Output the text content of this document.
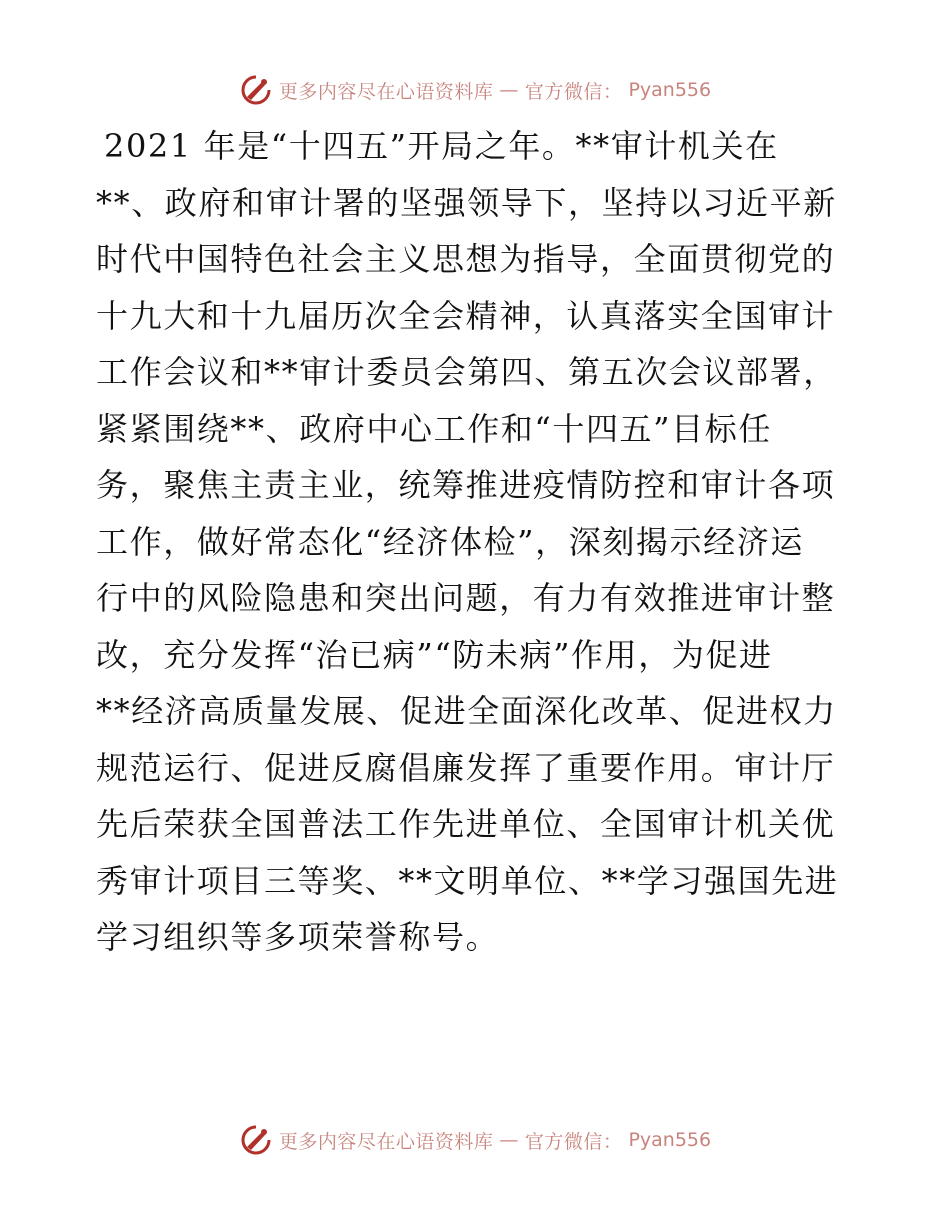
更多内容尽在心语资料库 — 官方微信： Pyan556
2021 年是“十四五”开局之年。**审计机关在
**、政府和审计署的坚强领导下，坚持以习近平新
时代中国特色社会主义思想为指导，全面贯彻党的
十九大和十九届历次全会精神，认真落实全国审计
工作会议和**审计委员会第四、第五次会议部署，
紧紧围绕**、政府中心工作和“十四五”目标任
务，聚焦主责主业，统筹推进疫情防控和审计各项
工作，做好常态化“经济体检”，深刻揭示经济运
行中的风险隐患和突出问题，有力有效推进审计整
改，充分发挥“治已病”“防未病”作用，为促进
**经济高质量发展、促进全面深化改革、促进权力
规范运行、促进反腐倡廉发挥了重要作用。审计厅
先后荣获全国普法工作先进单位、全国审计机关优
秀审计项目三等奖、**文明单位、**学习强国先进
学习组织等多项荣誉称号。
更多内容尽在心语资料库 — 官方微信： Pyan556
